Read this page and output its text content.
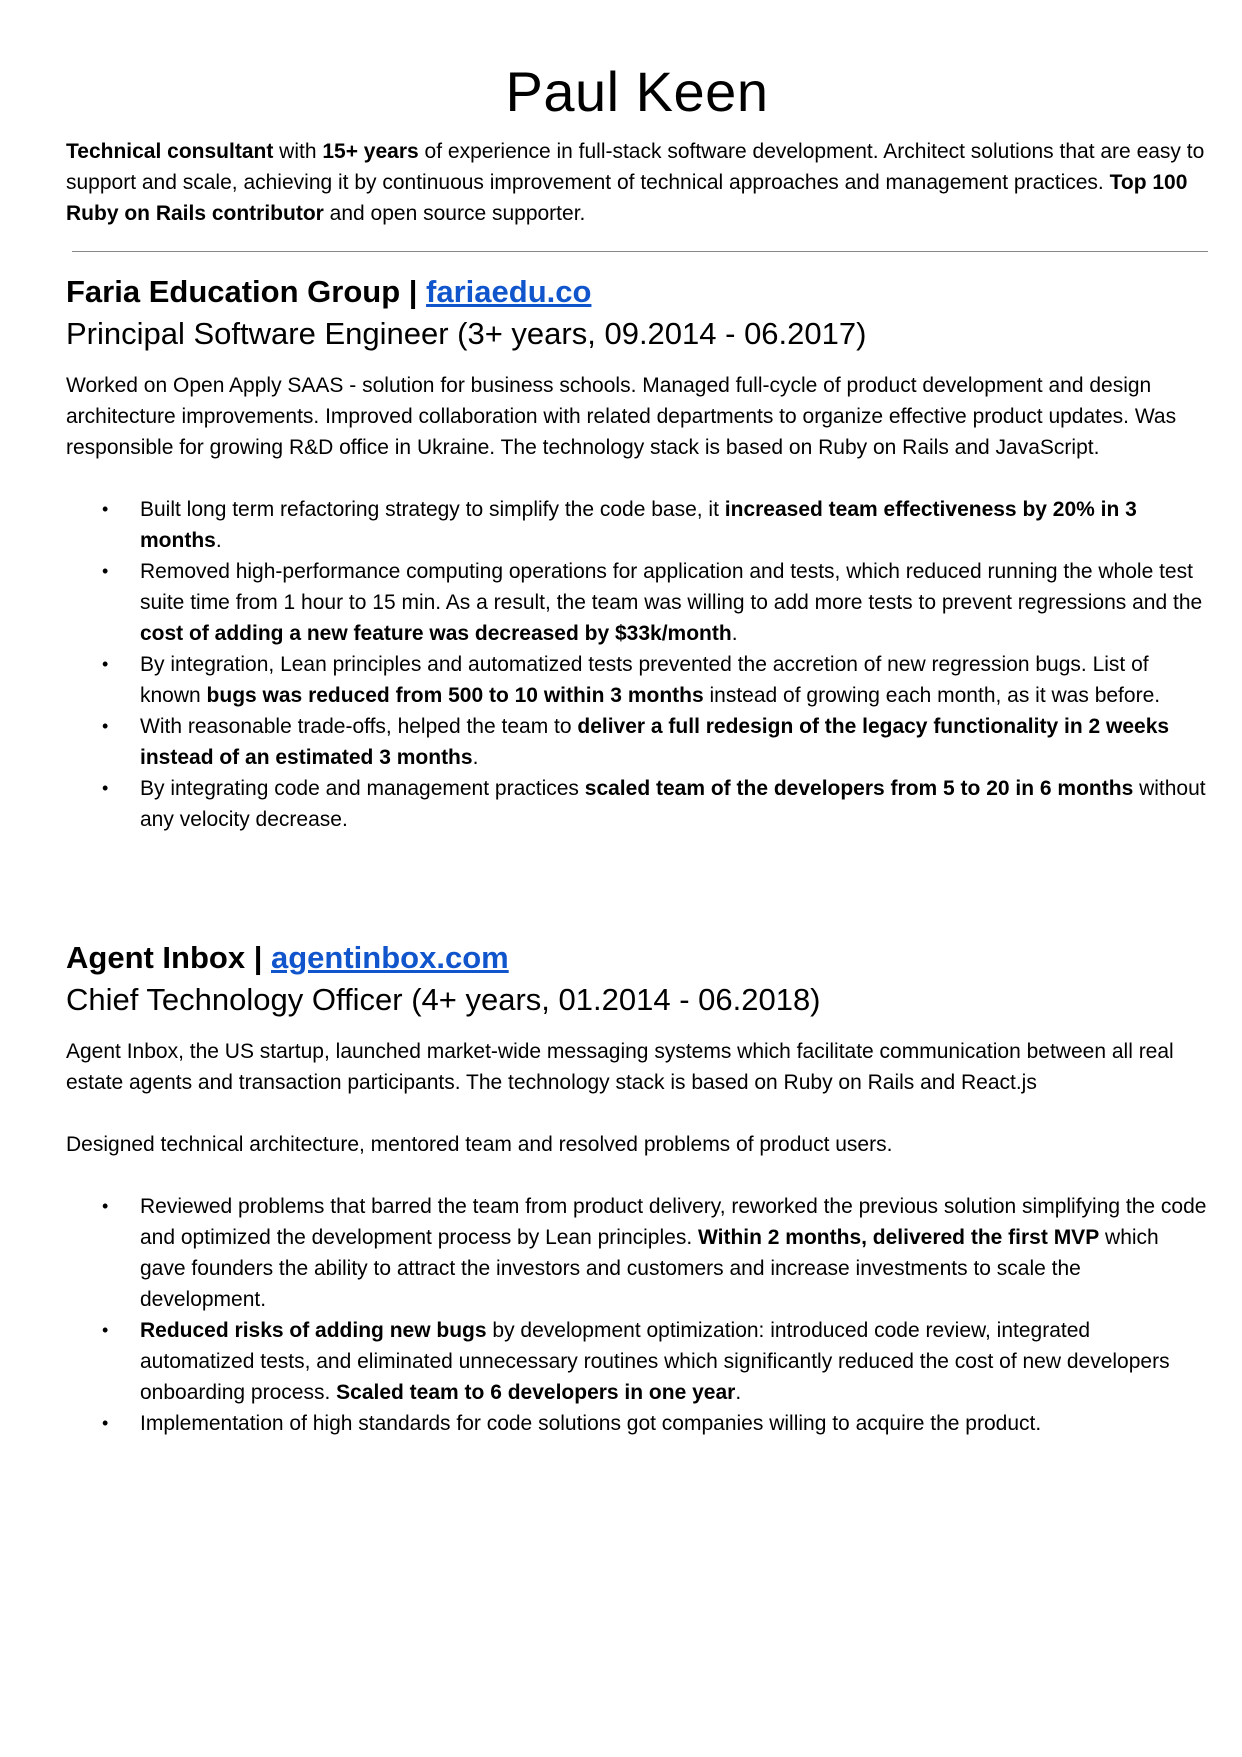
Paul Keen

Technical consultant with 15+ years of experience in full-stack software development. Architect solutions that are easy to support and scale, achieving it by continuous improvement of technical approaches and management practices. Top 100 Ruby on Rails contributor and open source supporter.

Faria Education Group | fariaedu.co
Principal Software Engineer (3+ years, 09.2014 - 06.2017)

Worked on Open Apply SAAS - solution for business schools. Managed full-cycle of product development and design architecture improvements. Improved collaboration with related departments to organize effective product updates. Was responsible for growing R&D office in Ukraine. The technology stack is based on Ruby on Rails and JavaScript.

• Built long term refactoring strategy to simplify the code base, it increased team effectiveness by 20% in 3 months.
• Removed high-performance computing operations for application and tests, which reduced running the whole test suite time from 1 hour to 15 min. As a result, the team was willing to add more tests to prevent regressions and the cost of adding a new feature was decreased by $33k/month.
• By integration, Lean principles and automatized tests prevented the accretion of new regression bugs. List of known bugs was reduced from 500 to 10 within 3 months instead of growing each month, as it was before.
• With reasonable trade-offs, helped the team to deliver a full redesign of the legacy functionality in 2 weeks instead of an estimated 3 months.
• By integrating code and management practices scaled team of the developers from 5 to 20 in 6 months without any velocity decrease.
Agent Inbox | agentinbox.com
Chief Technology Officer (4+ years, 01.2014 - 06.2018)

Agent Inbox, the US startup, launched market-wide messaging systems which facilitate communication between all real estate agents and transaction participants. The technology stack is based on Ruby on Rails and React.js

Designed technical architecture, mentored team and resolved problems of product users.

• Reviewed problems that barred the team from product delivery, reworked the previous solution simplifying the code and optimized the development process by Lean principles. Within 2 months, delivered the first MVP which gave founders the ability to attract the investors and customers and increase investments to scale the development.
• Reduced risks of adding new bugs by development optimization: introduced code review, integrated automatized tests, and eliminated unnecessary routines which significantly reduced the cost of new developers onboarding process. Scaled team to 6 developers in one year.
• Implementation of high standards for code solutions got companies willing to acquire the product.
